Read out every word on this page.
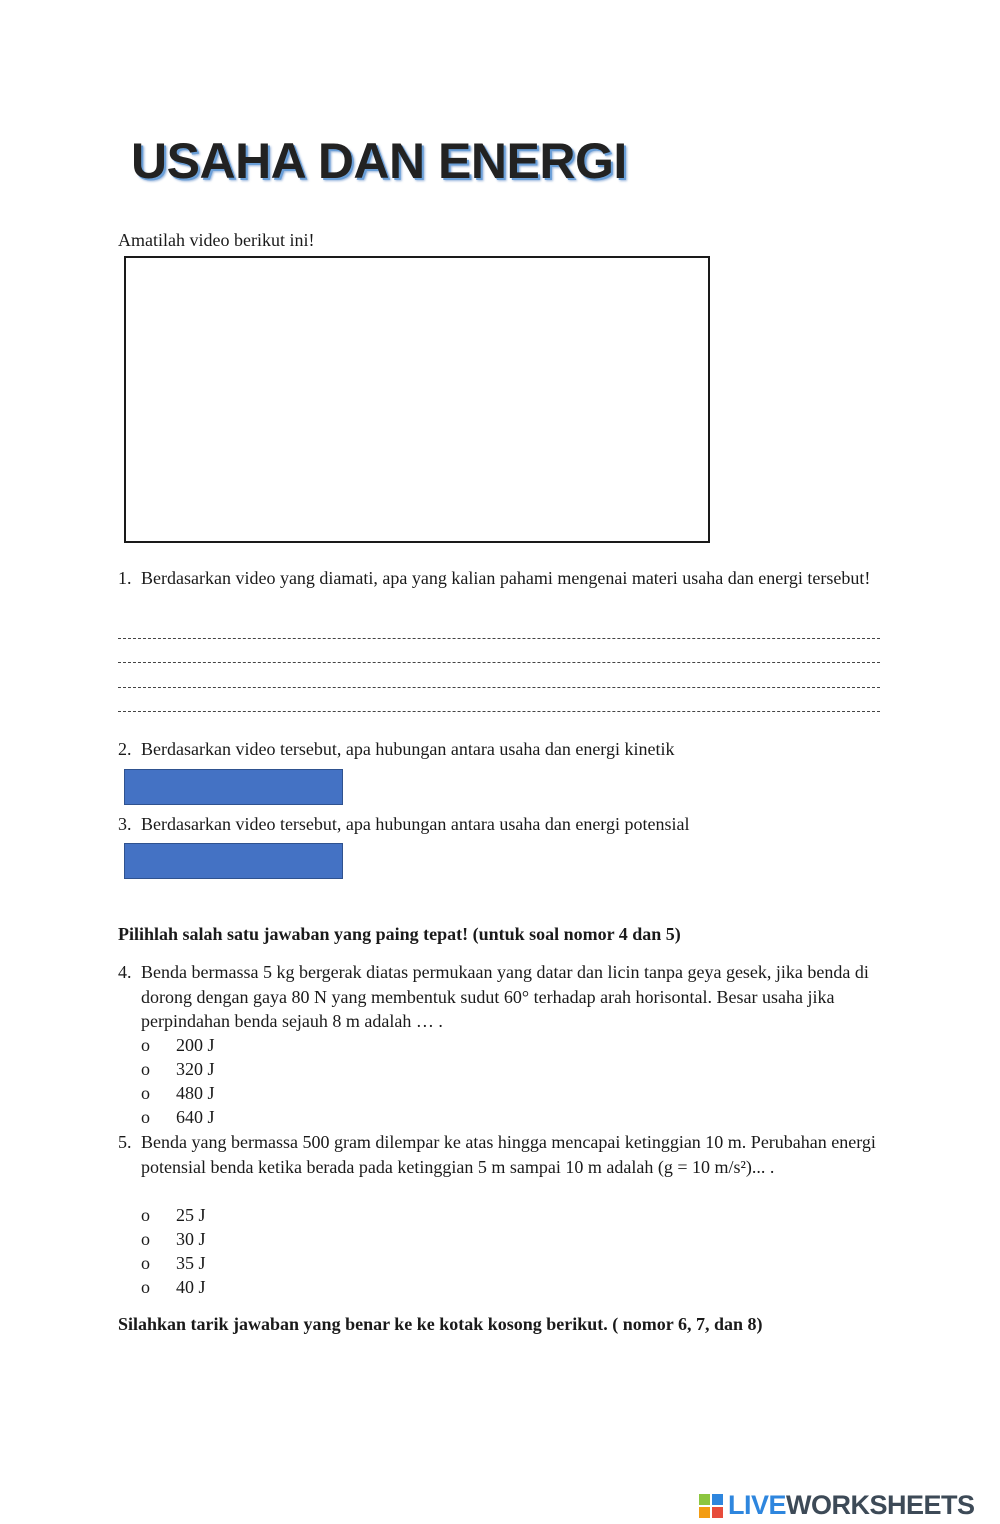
USAHA DAN ENERGI
Amatilah video berikut ini!
1. Berdasarkan video yang diamati, apa yang kalian pahami mengenai materi usaha dan energi tersebut!
2. Berdasarkan video tersebut, apa hubungan antara usaha dan energi kinetik
3. Berdasarkan video tersebut, apa hubungan antara usaha dan energi potensial
Pilihlah salah satu jawaban yang paing tepat! (untuk soal nomor 4 dan 5)
4. Benda bermassa 5 kg bergerak diatas permukaan yang datar dan licin tanpa geya gesek, jika benda di dorong dengan gaya 80 N yang membentuk sudut 60° terhadap arah horisontal. Besar usaha jika perpindahan benda sejauh 8 m adalah … .
o 200 J
o 320 J
o 480 J
o 640 J
5. Benda yang bermassa 500 gram dilempar ke atas hingga mencapai ketinggian 10 m. Perubahan energi potensial benda ketika berada pada ketinggian 5 m sampai 10 m adalah (g = 10 m/s²)... .
o 25 J
o 30 J
o 35 J
o 40 J
Silahkan tarik jawaban yang benar ke ke kotak kosong berikut. ( nomor 6, 7, dan 8)
LIVEWORKSHEETS
